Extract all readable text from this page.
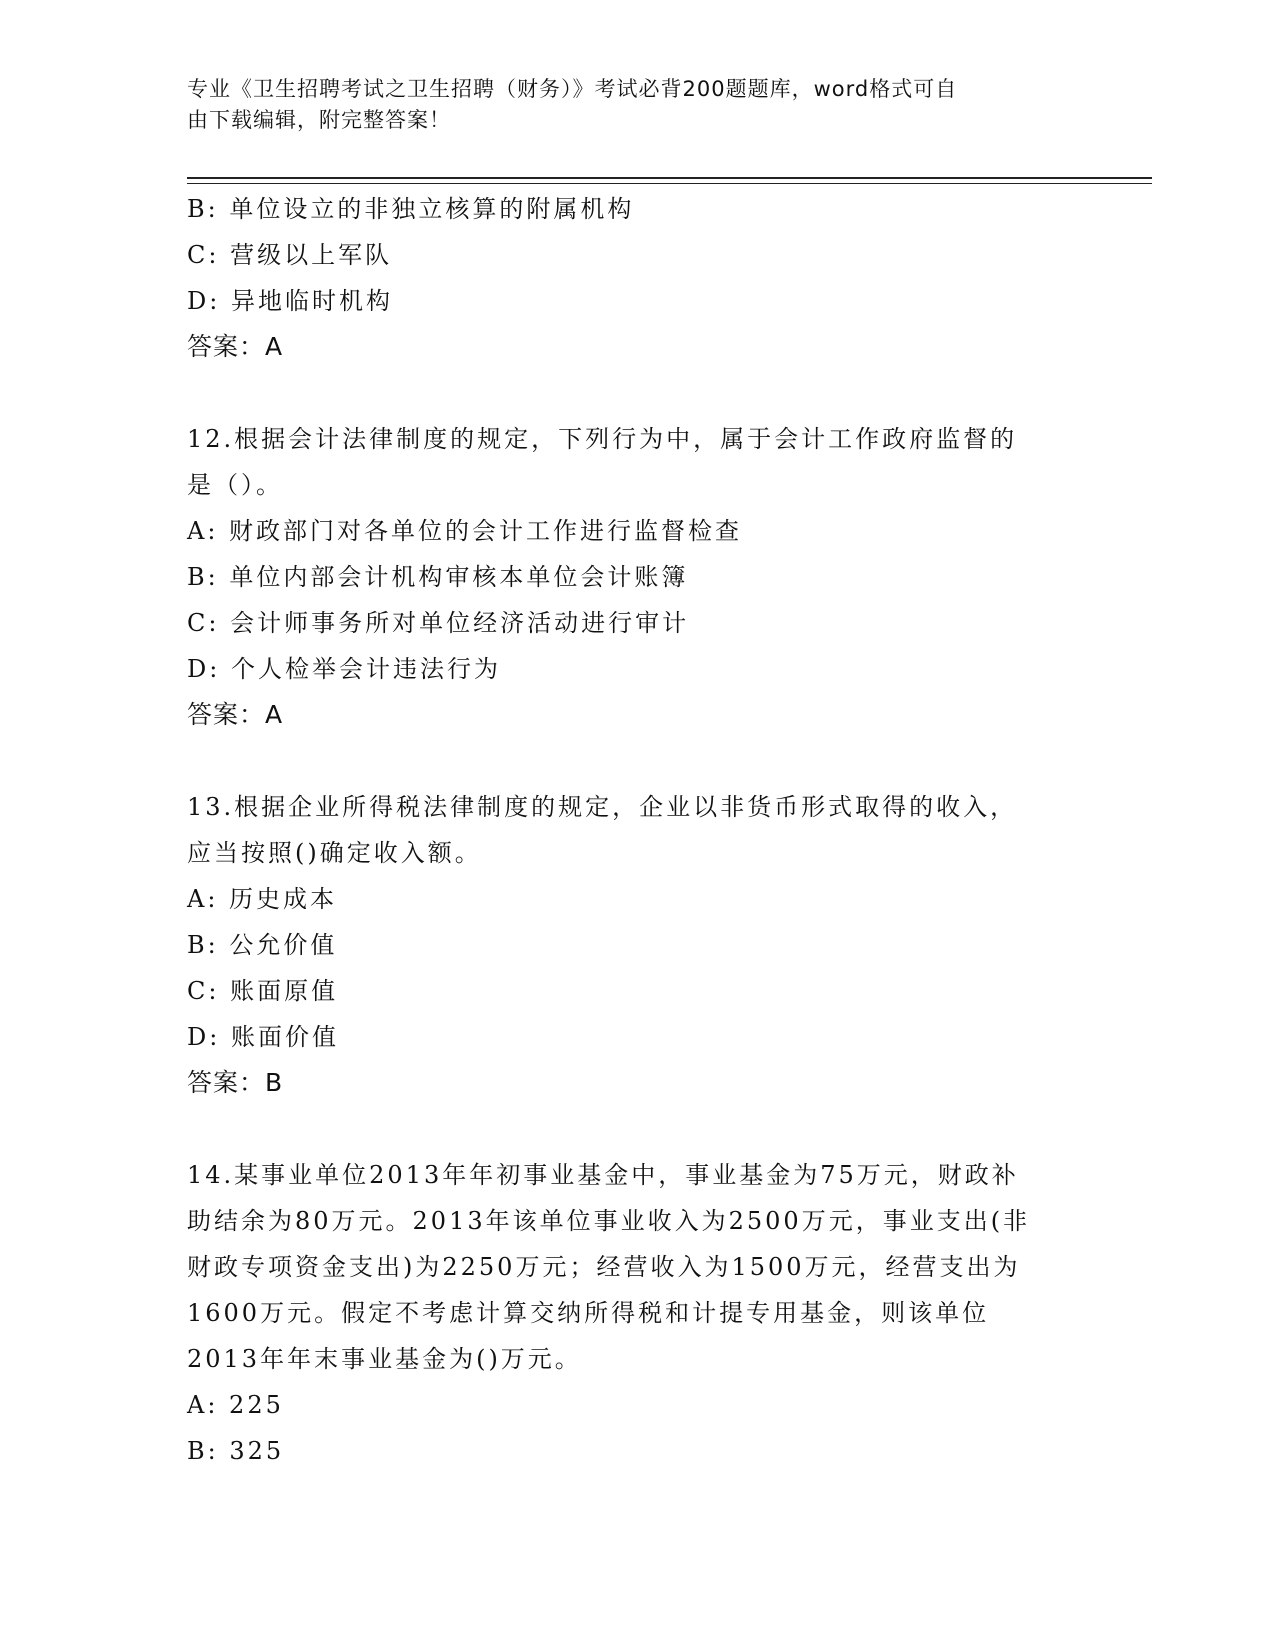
专业《卫生招聘考试之卫生招聘（财务）》考试必背200题题库，word格式可自
由下载编辑，附完整答案！
B: 单位设立的非独立核算的附属机构
C: 营级以上军队
D: 异地临时机构
答案：A
12.根据会计法律制度的规定，下列行为中，属于会计工作政府监督的
是（）。
A: 财政部门对各单位的会计工作进行监督检查
B: 单位内部会计机构审核本单位会计账簿
C: 会计师事务所对单位经济活动进行审计
D: 个人检举会计违法行为
答案：A
13.根据企业所得税法律制度的规定，企业以非货币形式取得的收入，
应当按照()确定收入额。
A: 历史成本
B: 公允价值
C: 账面原值
D: 账面价值
答案：B
14.某事业单位2013年年初事业基金中，事业基金为75万元，财政补
助结余为80万元。2013年该单位事业收入为2500万元，事业支出(非
财政专项资金支出)为2250万元；经营收入为1500万元，经营支出为
1600万元。假定不考虑计算交纳所得税和计提专用基金，则该单位
2013年年末事业基金为()万元。
A: 225
B: 325
